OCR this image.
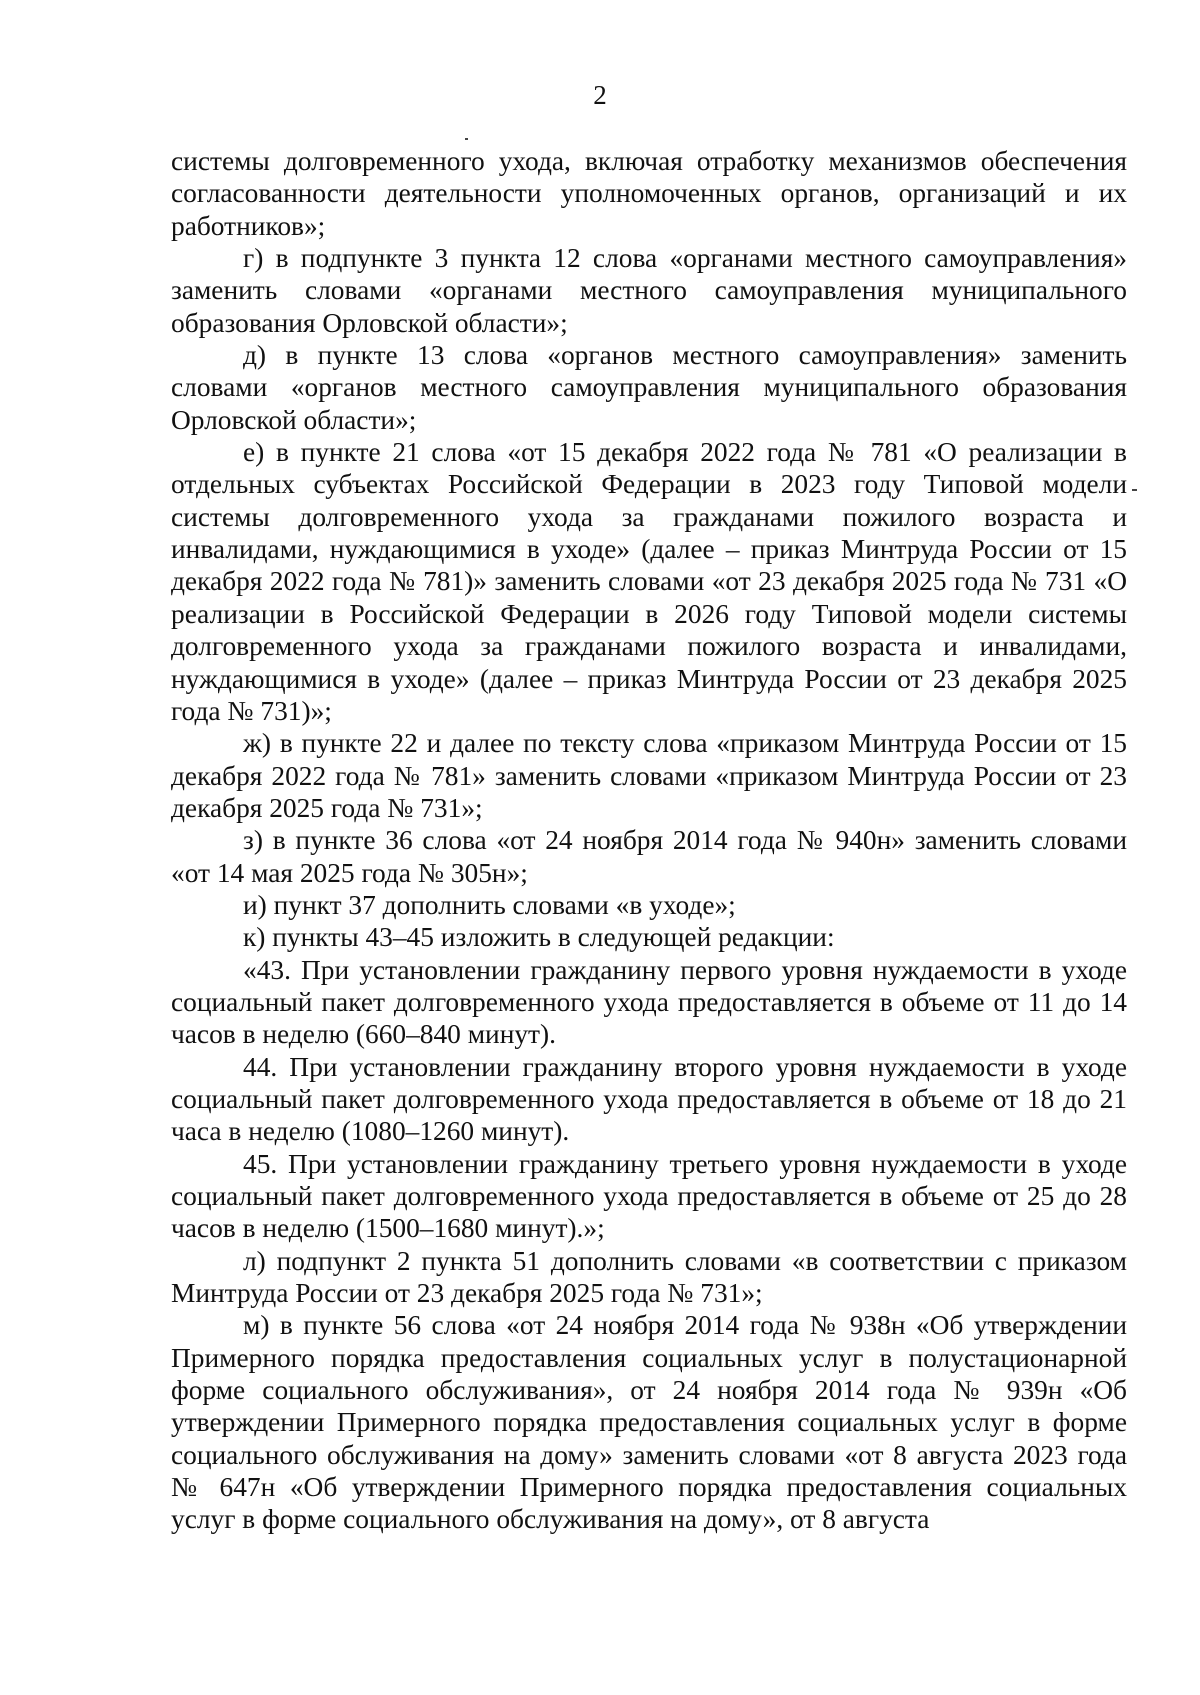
2

системы долговременного ухода, включая отработку механизмов обеспечения согласованности деятельности уполномоченных органов, организаций и их работников»;

г) в подпункте 3 пункта 12 слова «органами местного самоуправления» заменить словами «органами местного самоуправления муниципального образования Орловской области»;

д) в пункте 13 слова «органов местного самоуправления» заменить словами «органов местного самоуправления муниципального образования Орловской области»;

е) в пункте 21 слова «от 15 декабря 2022 года № 781 «О реализации в отдельных субъектах Российской Федерации в 2023 году Типовой модели системы долговременного ухода за гражданами пожилого возраста и инвалидами, нуждающимися в уходе» (далее – приказ Минтруда России от 15 декабря 2022 года № 781)» заменить словами «от 23 декабря 2025 года № 731 «О реализации в Российской Федерации в 2026 году Типовой модели системы долговременного ухода за гражданами пожилого возраста и инвалидами, нуждающимися в уходе» (далее – приказ Минтруда России от 23 декабря 2025 года № 731)»;

ж) в пункте 22 и далее по тексту слова «приказом Минтруда России от 15 декабря 2022 года № 781» заменить словами «приказом Минтруда России от 23 декабря 2025 года № 731»;

з) в пункте 36 слова «от 24 ноября 2014 года № 940н» заменить словами «от 14 мая 2025 года № 305н»;

и) пункт 37 дополнить словами «в уходе»;

к) пункты 43–45 изложить в следующей редакции:

«43. При установлении гражданину первого уровня нуждаемости в уходе социальный пакет долговременного ухода предоставляется в объеме от 11 до 14 часов в неделю (660–840 минут).

44. При установлении гражданину второго уровня нуждаемости в уходе социальный пакет долговременного ухода предоставляется в объеме от 18 до 21 часа в неделю (1080–1260 минут).

45. При установлении гражданину третьего уровня нуждаемости в уходе социальный пакет долговременного ухода предоставляется в объеме от 25 до 28 часов в неделю (1500–1680 минут).»;

л) подпункт 2 пункта 51 дополнить словами «в соответствии с приказом Минтруда России от 23 декабря 2025 года № 731»;

м) в пункте 56 слова «от 24 ноября 2014 года № 938н «Об утверждении Примерного порядка предоставления социальных услуг в полустационарной форме социального обслуживания», от 24 ноября 2014 года № 939н «Об утверждении Примерного порядка предоставления социальных услуг в форме социального обслуживания на дому» заменить словами «от 8 августа 2023 года № 647н «Об утверждении Примерного порядка предоставления социальных услуг в форме социального обслуживания на дому», от 8 августа
